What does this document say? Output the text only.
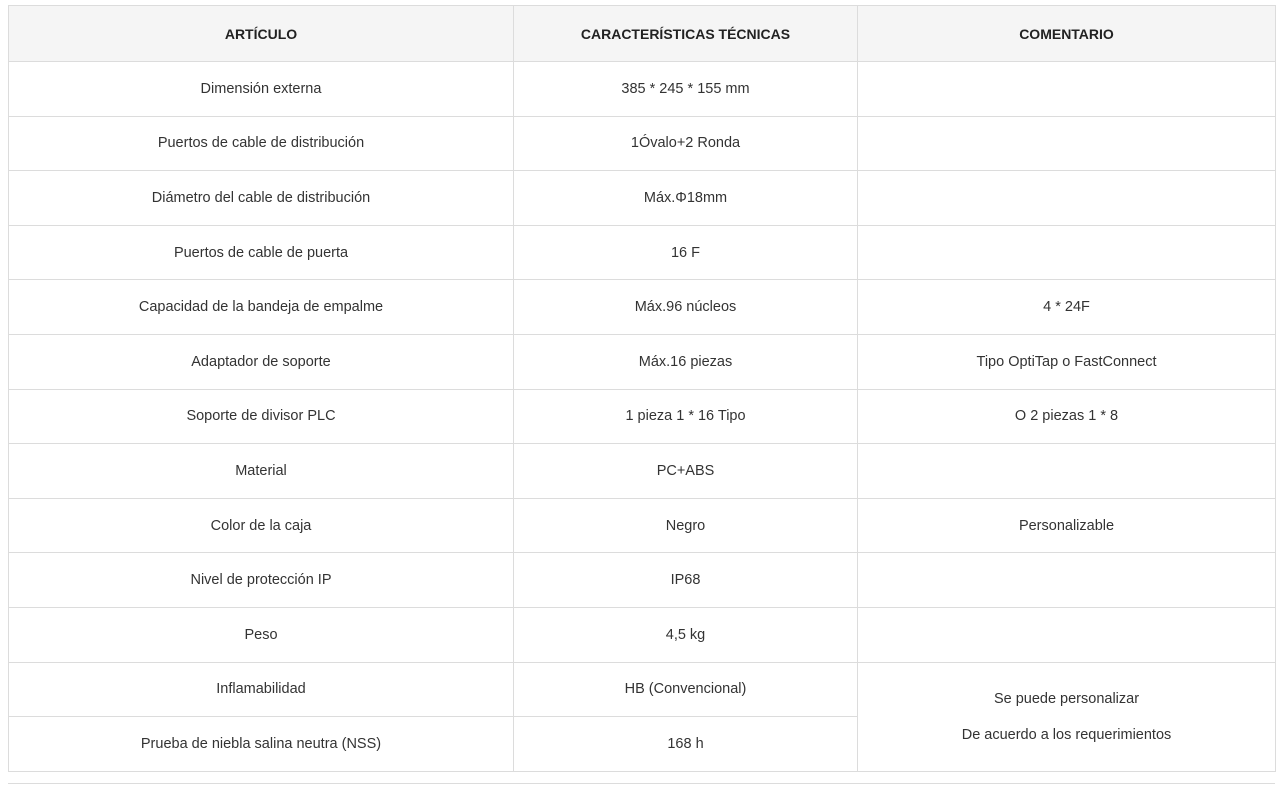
ARTÍCULO	CARACTERÍSTICAS TÉCNICAS	COMENTARIO
Dimensión externa	385 * 245 * 155 mm	
Puertos de cable de distribución	1Óvalo+2 Ronda	
Diámetro del cable de distribución	Máx.Φ18mm	
Puertos de cable de puerta	16 F	
Capacidad de la bandeja de empalme	Máx.96 núcleos	4 * 24F
Adaptador de soporte	Máx.16 piezas	Tipo OptiTap o FastConnect
Soporte de divisor PLC	1 pieza 1 * 16 Tipo	O 2 piezas 1 * 8
Material	PC+ABS	
Color de la caja	Negro	Personalizable
Nivel de protección IP	IP68	
Peso	4,5 kg	
Inflamabilidad	HB (Convencional)	Se puede personalizar
De acuerdo a los requerimientos

Prueba de niebla salina neutra (NSS)	168 h	
